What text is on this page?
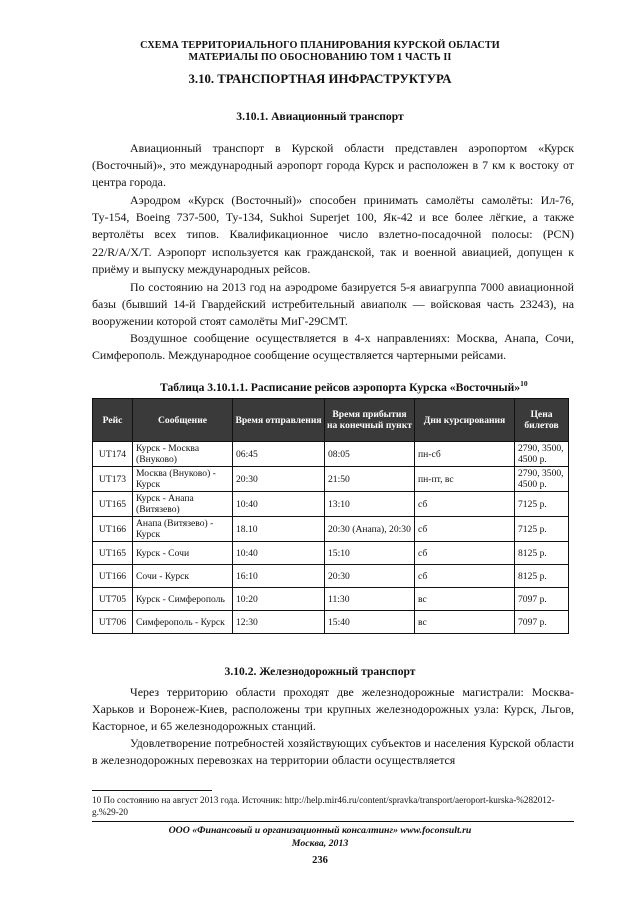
СХЕМА ТЕРРИТОРИАЛЬНОГО ПЛАНИРОВАНИЯ КУРСКОЙ ОБЛАСТИ
МАТЕРИАЛЫ ПО ОБОСНОВАНИЮ ТОМ 1 ЧАСТЬ II
3.10. ТРАНСПОРТНАЯ ИНФРАСТРУКТУРА
3.10.1. Авиационный транспорт

Авиационный транспорт в Курской области представлен аэропортом «Курск (Восточный)», это международный аэропорт города Курск и расположен в 7 км к востоку от центра города.

Аэродром «Курск (Восточный)» способен принимать самолёты самолёты: Ил-76, Ту-154, Boeing 737-500, Ту-134, Sukhoi Superjet 100, Як-42 и все более лёгкие, а также вертолёты всех типов. Квалификационное число взлетно-посадочной полосы: (PCN) 22/R/A/X/T. Аэропорт используется как гражданской, так и военной авиацией, допущен к приёму и выпуску международных рейсов.

По состоянию на 2013 год на аэродроме базируется 5-я авиагруппа 7000 авиационной базы (бывший 14-й Гвардейский истребительный авиаполк — войсковая часть 23243), на вооружении которой стоят самолёты МиГ-29СМТ.

Воздушное сообщение осуществляется в 4-х направлениях: Москва, Анапа, Сочи, Симферополь. Международное сообщение осуществляется чартерными рейсами.

Таблица 3.10.1.1. Расписание рейсов аэропорта Курска «Восточный»$^{10}$
Рейс	Сообщение	Время отправления	Время прибытия на конечный пункт	Дни курсирования	Цена билетов
UT174	Курск - Москва (Внуково)	06:45	08:05	пн-сб	2790, 3500, 4500 р.
UT173	Москва (Внуково) - Курск	20:30	21:50	пн-пт, вс	2790, 3500, 4500 р.
UT165	Курск - Анапа (Витязево)	10:40	13:10	сб	7125 р.
UT166	Анапа (Витязево) - Курск	18.10	20:30 (Анапа), 20:30	сб	7125 р.
UT165	Курск - Сочи	10:40	15:10	сб	8125 р.
UT166	Сочи - Курск	16:10	20:30	сб	8125 р.
UT705	Курск - Симферополь	10:20	11:30	вс	7097 р.
UT706	Симферополь - Курск	12:30	15:40	вс	7097 р.
3.10.2. Железнодорожный транспорт

Через территорию области проходят две железнодорожные магистрали: Москва-Харьков и Воронеж-Киев, расположены три крупных железнодорожных узла: Курск, Льгов, Касторное, и 65 железнодорожных станций.

Удовлетворение потребностей хозяйствующих субъектов и населения Курской области в железнодорожных перевозках на территории области осуществляется

10 По состоянию на август 2013 года. Источник: http://help.mir46.ru/content/spravka/transport/aeroport-kurska-%282012-g.%29-20
ООО «Финансовый и организационный консалтинг» www.foconsult.ru
Москва, 2013
236
